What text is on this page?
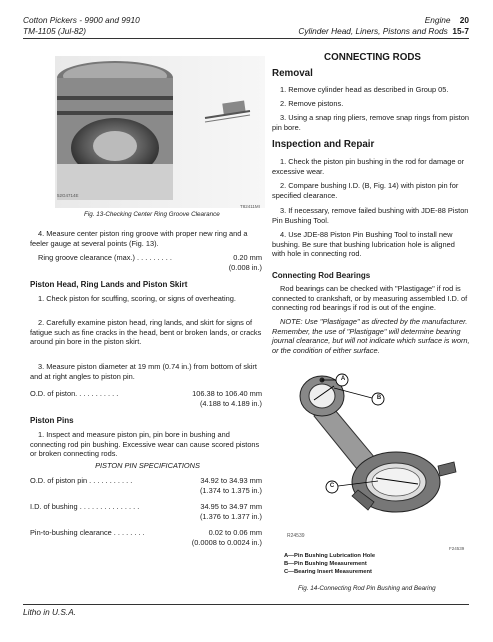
Cotton Pickers - 9900 and 9910
TM-1105 (Jul-82)
Engine 20
Cylinder Head, Liners, Pistons and Rods 15-7
52G4714E
T82411MI
Fig. 13-Checking Center Ring Groove Clearance

4. Measure center piston ring groove with proper new ring and a feeler gauge at several points (Fig. 13).

Ring groove clearance (max.) . . . . . . . . .	0.20 mm
(0.008 in.)
Piston Head, Ring Lands and Piston Skirt

1. Check piston for scuffing, scoring, or signs of overheating.

2. Carefully examine piston head, ring lands, and skirt for signs of fatigue such as fine cracks in the head, bent or broken lands, or cracks around pin bore in the piston skirt.

3. Measure piston diameter at 19 mm (0.74 in.) from bottom of skirt and at right angles to piston pin.

O.D. of piston. . . . . . . . . . .	106.38 to 106.40 mm
(4.188 to 4.189 in.)
Piston Pins

1. Inspect and measure piston pin, pin bore in bushing and connecting rod pin bushing. Excessive wear can cause scored pistons or broken connecting rods.

PISTON PIN SPECIFICATIONS
O.D. of piston pin . . . . . . . . . . .	34.92 to 34.93 mm
(1.374 to 1.375 in.)
I.D. of bushing . . . . . . . . . . . . . . .	34.95 to 34.97 mm
(1.376 to 1.377 in.)
Pin-to-bushing clearance . . . . . . . .	0.02 to 0.06 mm
(0.0008 to 0.0024 in.)
CONNECTING RODS
Removal

1. Remove cylinder head as described in Group 05.

2. Remove pistons.

3. Using a snap ring pliers, remove snap rings from piston pin bore.

Inspection and Repair

1. Check the piston pin bushing in the rod for damage or excessive wear.

2. Compare bushing I.D. (B, Fig. 14) with piston pin for specified clearance.

3. If necessary, remove failed bushing with JDE-88 Piston Pin Bushing Tool.

4. Use JDE-88 Piston Pin Bushing Tool to install new bushing. Be sure that bushing lubrication hole is aligned with hole in connecting rod.

Connecting Rod Bearings

Rod bearings can be checked with "Plastigage" if rod is connected to crankshaft, or by measuring assembled I.D. of connecting rod bearings if rod is out of the engine.

NOTE: Use "Plastigage" as directed by the manufacturer. Remember, the use of "Plastigage" will determine bearing journal clearance, but will not indicate which surface is worn, or the condition of either surface.

A
B
C
R24539
F24539
A—Pin Bushing Lubrication Hole
B—Pin Bushing Measurement
C—Bearing Insert Measurement
Fig. 14-Connecting Rod Pin Bushing and Bearing
Litho in U.S.A.
